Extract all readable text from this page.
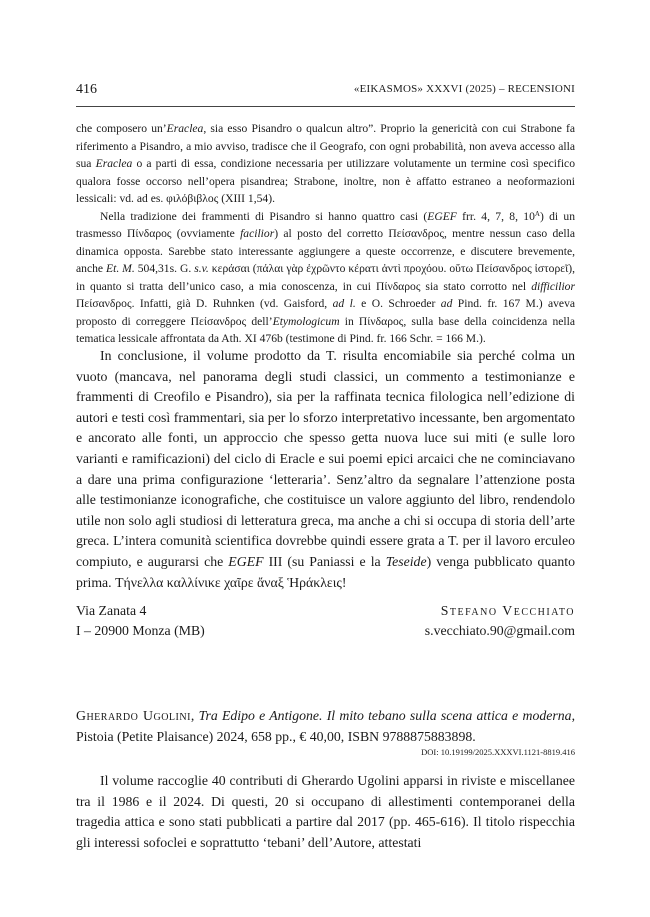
416	«EIKASMOS» XXXVI (2025) – RECENSIONI

che composero un’Eraclea, sia esso Pisandro o qualcun altro”. Proprio la genericità con cui Strabone fa riferimento a Pisandro, a mio avviso, tradisce che il Geografo, con ogni probabilità, non aveva accesso alla sua Eraclea o a parti di essa, condizione necessaria per utilizzare volutamente un termine così specifico qualora fosse occorso nell’opera pisandrea; Strabone, inoltre, non è affatto estraneo a neoformazioni lessicali: vd. ad es. φιλόβιβλος (XIII 1,54).

Nella tradizione dei frammenti di Pisandro si hanno quattro casi (EGEF frr. 4, 7, 8, $10^A$) di un trasmesso Πίνδαρος (ovviamente facilior) al posto del corretto Πείσανδρος, mentre nessun caso della dinamica opposta. Sarebbe stato interessante aggiungere a queste occorrenze, e discutere brevemente, anche Et. M. 504,31s. G. s.v. κεράσαι (πάλαι γὰρ ἐχρῶντο κέρατι ἀντὶ προχόου. οὕτω Πείσανδρος ἱστορεῖ), in quanto si tratta dell’unico caso, a mia conoscenza, in cui Πίνδαρος sia stato corrotto nel difficilior Πείσανδρος. Infatti, già D. Ruhnken (vd. Gaisford, ad l. e O. Schroeder ad Pind. fr. 167 M.) aveva proposto di correggere Πείσανδρος dell’Etymologicum in Πίνδαρος, sulla base della coincidenza nella tematica lessicale affrontata da Ath. XI 476b (testimone di Pind. fr. 166 Schr. = 166 M.).

In conclusione, il volume prodotto da T. risulta encomiabile sia perché colma un vuoto (mancava, nel panorama degli studi classici, un commento a testimonianze e frammenti di Creofilo e Pisandro), sia per la raffinata tecnica filologica nell’edizione di autori e testi così frammentari, sia per lo sforzo interpretativo incessante, ben argomentato e ancorato alle fonti, un approccio che spesso getta nuova luce sui miti (e sulle loro varianti e ramificazioni) del ciclo di Eracle e sui poemi epici arcaici che ne cominciavano a dare una prima configurazione ‘letteraria’. Senz’altro da segnalare l’attenzione posta alle testimonianze iconografiche, che costituisce un valore aggiunto del libro, rendendolo utile non solo agli studiosi di letteratura greca, ma anche a chi si occupa di storia dell’arte greca. L’intera comunità scientifica dovrebbe quindi essere grata a T. per il lavoro erculeo compiuto, e augurarsi che EGEF III (su Paniassi e la Teseide) venga pubblicato quanto prima. Τήνελλα καλλίνικε χαῖρε ἄναξ Ἡράκλεις!

Via Zanata 4	Stefano Vecchiato
I – 20900 Monza (MB)	s.vecchiato.90@gmail.com
Gherardo Ugolini, Tra Edipo e Antigone. Il mito tebano sulla scena attica e moderna, Pistoia (Petite Plaisance) 2024, 658 pp., € 40,00, ISBN 9788875883898.
DOI: 10.19199/2025.XXXVI.1121-8819.416

Il volume raccoglie 40 contributi di Gherardo Ugolini apparsi in riviste e miscellanee tra il 1986 e il 2024. Di questi, 20 si occupano di allestimenti contemporanei della tragedia attica e sono stati pubblicati a partire dal 2017 (pp. 465-616). Il titolo rispecchia gli interessi sofoclei e soprattutto ‘tebani’ dell’Autore, attestati
